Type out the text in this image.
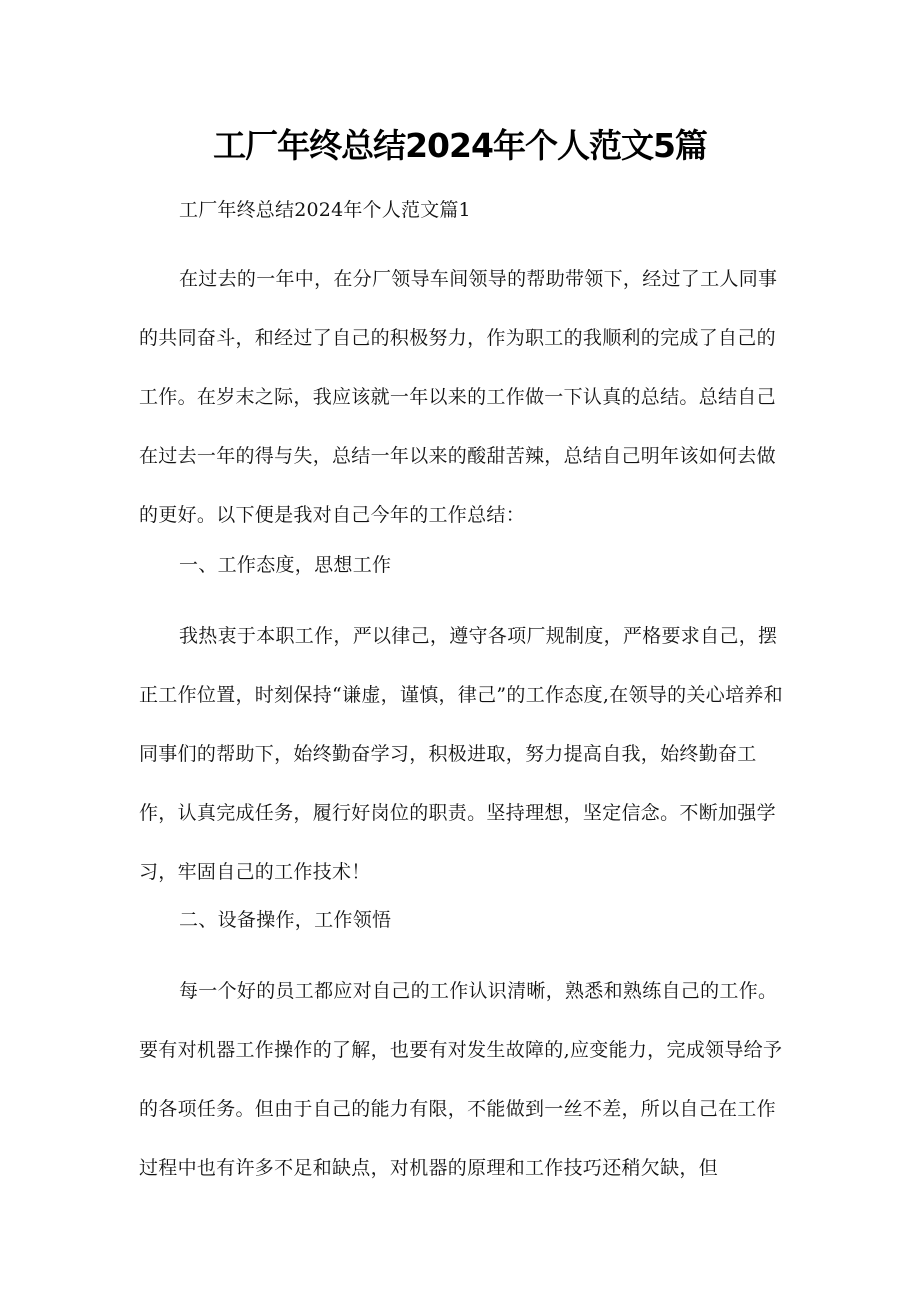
工厂年终总结2024年个人范文5篇

工厂年终总结2024年个人范文篇1

在过去的一年中，在分厂领导车间领导的帮助带领下，经过了工人同事的共同奋斗，和经过了自己的积极努力，作为职工的我顺利的完成了自己的工作。在岁末之际，我应该就一年以来的工作做一下认真的总结。总结自己在过去一年的得与失，总结一年以来的酸甜苦辣，总结自己明年该如何去做的更好。以下便是我对自己今年的工作总结：

一、工作态度，思想工作

我热衷于本职工作，严以律己，遵守各项厂规制度，严格要求自己，摆正工作位置，时刻保持“谦虚，谨慎，律己”的工作态度,在领导的关心培养和同事们的帮助下，始终勤奋学习，积极进取，努力提高自我，始终勤奋工作，认真完成任务，履行好岗位的职责。坚持理想，坚定信念。不断加强学习，牢固自己的工作技术！

二、设备操作，工作领悟

每一个好的员工都应对自己的工作认识清晰，熟悉和熟练自己的工作。要有对机器工作操作的了解，也要有对发生故障的,应变能力，完成领导给予的各项任务。但由于自己的能力有限，不能做到一丝不差，所以自己在工作过程中也有许多不足和缺点，对机器的原理和工作技巧还稍欠缺，但
